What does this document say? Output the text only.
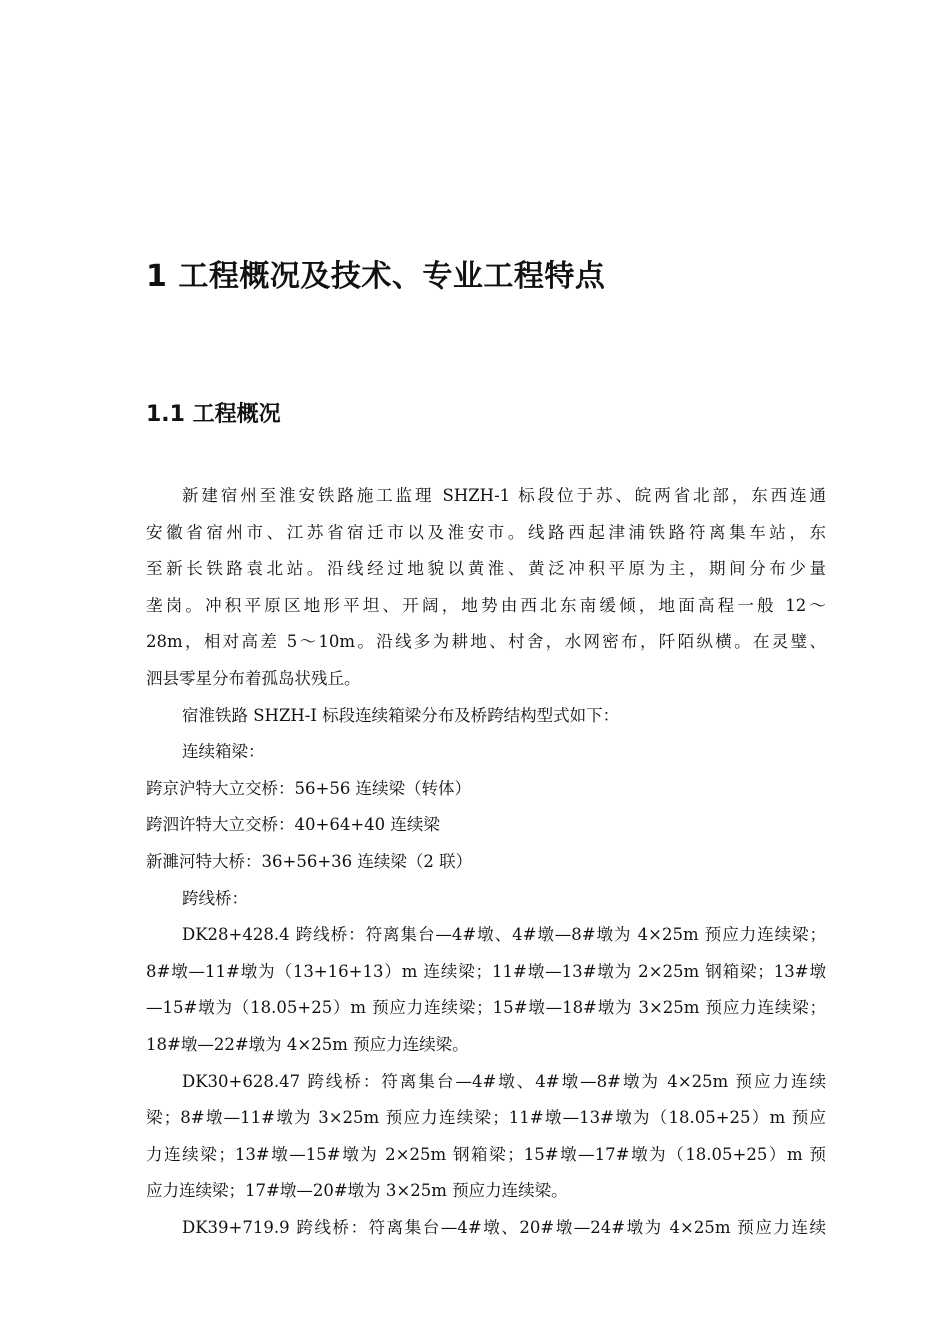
1 工程概况及技术、专业工程特点
1.1 工程概况
新建宿州至淮安铁路施工监理 SHZH-1 标段位于苏、皖两省北部，东西连通
安徽省宿州市、江苏省宿迁市以及淮安市。线路西起津浦铁路符离集车站，东
至新长铁路袁北站。沿线经过地貌以黄淮、黄泛冲积平原为主，期间分布少量
垄岗。冲积平原区地形平坦、开阔，地势由西北东南缓倾，地面高程一般 12～
28m，相对高差 5～10m。沿线多为耕地、村舍，水网密布，阡陌纵横。在灵璧、
泗县零星分布着孤岛状残丘。
宿淮铁路 SHZH-I 标段连续箱梁分布及桥跨结构型式如下：
连续箱梁：
跨京沪特大立交桥：56+56 连续梁（转体）
跨泗许特大立交桥：40+64+40 连续梁
新濉河特大桥：36+56+36 连续梁（2 联）
跨线桥：
DK28+428.4 跨线桥：符离集台—4#墩、4#墩—8#墩为 4×25m 预应力连续梁；
8#墩—11#墩为（13+16+13）m 连续梁；11#墩—13#墩为 2×25m 钢箱梁；13#墩
—15#墩为（18.05+25）m 预应力连续梁；15#墩—18#墩为 3×25m 预应力连续梁；
18#墩—22#墩为 4×25m 预应力连续梁。
DK30+628.47 跨线桥：符离集台—4#墩、4#墩—8#墩为 4×25m 预应力连续
梁；8#墩—11#墩为 3×25m 预应力连续梁；11#墩—13#墩为（18.05+25）m 预应
力连续梁；13#墩—15#墩为 2×25m 钢箱梁；15#墩—17#墩为（18.05+25）m 预
应力连续梁；17#墩—20#墩为 3×25m 预应力连续梁。
DK39+719.9 跨线桥：符离集台—4#墩、20#墩—24#墩为 4×25m 预应力连续
